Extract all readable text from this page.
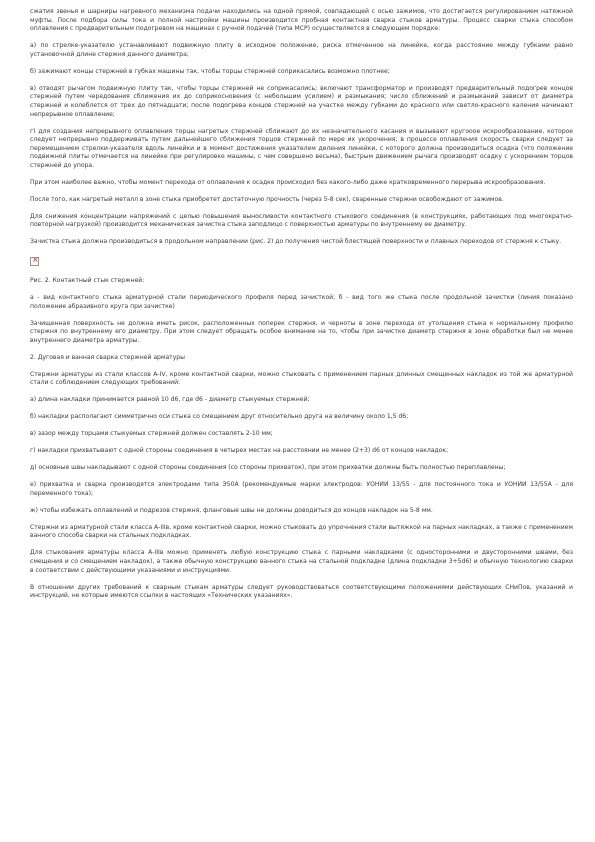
сжатия звенья и шарниры нагревного механизма подачи находились на одной прямой, совпадающей с осью зажимов, что достигается регулированием натяжной муфты. После подбора силы тока и полной настройки машины производится пробная контактная сварка стыков арматуры. Процесс сварки стыка способом оплавления с предварительным подогревом на машинах с ручной подачей (типа МСР) осуществляется в следующем порядке:

а) по стрелке-указателю устанавливают подвижную плиту в исходное положение, риска отмеченное на линейке, когда расстояние между губками равно установочной длине стержня данного диаметра;

б) зажимают концы стержней в губках машины так, чтобы торцы стержней соприкасались возможно плотнее;

в) отводят рычагом подвижную плиту так, чтобы торцы стержней не соприкасались; включают трансформатор и производят предварительный подогрев концов стержней путем чередования сближения их до соприкосновения (с небольшим усилием) и размыкания; число сближений и размыканий зависит от диаметра стержней и колеблется от трех до пятнадцати; после подогрева концов стержней на участке между губками до красного или светло-красного каления начинают непрерывное оплавление;

г) для создания непрерывного оплавления торцы нагретых стержней сближают до их незначительного касания и вызывают кругооое искрообразование, которое следует непрерывно поддерживать путем дальнейшего сближения торцов стержней по мере их укорочения; в процессе оплавления скорость сварки следует за перемещением стрелки-указателя вдоль линейки и в момент достижения указателем деления линейки, с которого должна производиться осадка (что положение подвижной плиты отмечается на линейке при регулировке машины, с чем совершено весьма), быстрым движением рычага производят осадку с ускорением торцов стержней до упора.

При этом наиболее важно, чтобы момент перехода от оплавления к осадке происходил без какого-либо даже кратковременного перерыва искрообразования.

После того, как нагретый металл в зоне стыка приобретет достаточную прочность (через 5-8 сек), сваренные стержни освобождают от зажимов.

Для снижения концентрации напряжений с целью повышения выносливости контактного стыкового соединения (в конструкциях, работающих под многократно-повторной нагрузкой) производится механическая зачистка стыка заподлицо с поверхностью арматуры по внутреннему ее диаметру.

Зачистка стыка должна производиться в продольном направлении (рис. 2) до получения чистой блестящей поверхности и плавных переходов от стержня к стыку.

×

Рис. 2. Контактный стык стержней:

а - вид контактного стыка арматурной стали периодического профиля перед зачисткой; б - вид того же стыка после продольной зачистки (линия показано положение абразивного круга при зачистке)

Зачищенная поверхность не должна иметь рисок, расположенных поперек стержня, и черноты в зоне перехода от утолщения стыка к нормальному профилю стержня по внутреннему его диаметру. При этом следует обращать особое внимание на то, чтобы при зачистке диаметр стержня в зоне обработки был не менее внутреннего диаметра арматуры.

2. Дуговая и ванная сварка стержней арматуры

Стержни арматуры из стали классов А-IV, кроме контактной сварки, можно стыковать с применением парных длинных смещенных накладок из той же арматурной стали с соблюдением следующих требований:

а) длина накладки принимается равной 10 d6, где d6 - диаметр стыкуемых стержней;

б) накладки располагают симметрично оси стыка со смещением друг относительно друга на величину около 1,5 d6;

в) зазор между торцами стыкуемых стержней должен составлять 2-10 мм;

г) накладки прихватывают с одной стороны соединения в четырех местах на расстоянии не менее (2+3) d6 от концов накладок;

д) основные швы накладывают с одной стороны соединения (со стороны прихваток), при этом прихватки должны быть полностью переплавлены;

е) прихватка и сварка производятся электродами типа Э50А (рекомендуемые марки электродов: УОНИИ 13/55 - для постоянного тока и УОНИИ 13/55А - для переменного тока);

ж) чтобы избежать оплавлений и подрезов стержня, фланговые швы не должны доводиться до концов накладок на 5-8 мм.

Стержни из арматурной стали класса А-IIIв, кроме контактной сварки, можно стыковать до упрочнения стали вытяжкой на парных накладках, а также с применением ванного способа сварки на стальных подкладках.

Для стыкования арматуры класса А-IIIв можно применять любую конструкцию стыка с парными накладками (с односторонними и двусторонними швами, без смещения и со смещением накладок), а также обычную конструкцию ванного стыка на стальной подкладке (длина подкладки 3+5d6) и обычную технологию сварки в соответствии с действующими указаниями и инструкциями.

В отношении других требований к сварным стыкам арматуры следует руководствоваться соответствующими положениями действующих СНиПов, указаний и инструкций, не которые имеются ссылки в настоящих «Технических указаниях».
